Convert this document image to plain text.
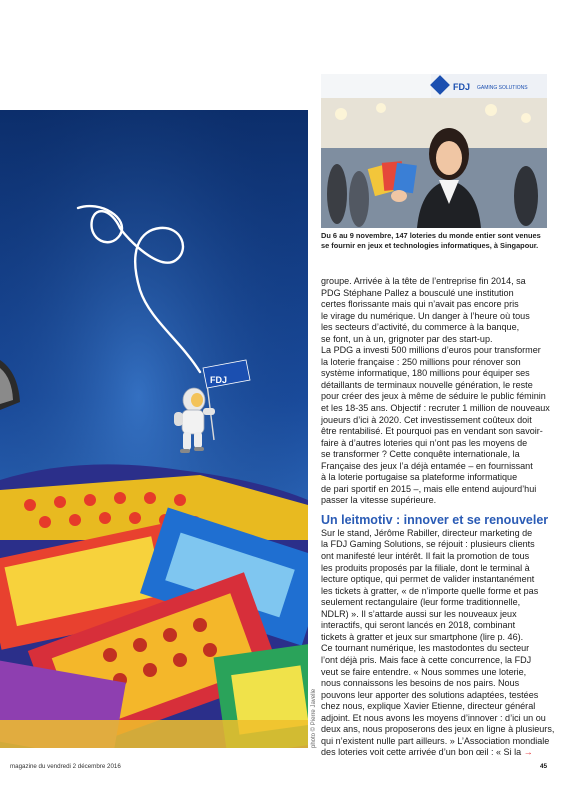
FDJ
photo © Pierre Javelle
FDJ GAMING SOLUTIONS
Du 6 au 9 novembre, 147 loteries du monde entier sont venues
se fournir en jeux et technologies informatiques, à Singapour.

groupe. Arrivée à la tête de l’entreprise fin 2014, sa

PDG Stéphane Pallez a bousculé une institution

certes florissante mais qui n’avait pas encore pris

le virage du numérique. Un danger à l’heure où tous

les secteurs d’activité, du commerce à la banque,

se font, un à un, grignoter par des start-up.

La PDG a investi 500 millions d’euros pour transformer

la loterie française : 250 millions pour rénover son

système informatique, 180 millions pour équiper ses

détaillants de terminaux nouvelle génération, le reste

pour créer des jeux à même de séduire le public féminin

et les 18-35 ans. Objectif : recruter 1 million de nouveaux

joueurs d’ici à 2020. Cet investissement coûteux doit

être rentabilisé. Et pourquoi pas en vendant son savoir-

faire à d’autres loteries qui n’ont pas les moyens de

se transformer ? Cette conquête internationale, la

Française des jeux l’a déjà entamée – en fournissant

à la loterie portugaise sa plateforme informatique

de pari sportif en 2015 –, mais elle entend aujourd’hui

passer la vitesse supérieure.

Un leitmotiv : innover et se renouveler

Sur le stand, Jérôme Rabiller, directeur marketing de

la FDJ Gaming Solutions, se réjouit : plusieurs clients

ont manifesté leur intérêt. Il fait la promotion de tous

les produits proposés par la filiale, dont le terminal à

lecture optique, qui permet de valider instantanément

les tickets à gratter, « de n’importe quelle forme et pas

seulement rectangulaire (leur forme traditionnelle,

NDLR) ». Il s’attarde aussi sur les nouveaux jeux

interactifs, qui seront lancés en 2018, combinant

tickets à gratter et jeux sur smartphone (lire p. 46).

Ce tournant numérique, les mastodontes du secteur

l’ont déjà pris. Mais face à cette concurrence, la FDJ

veut se faire entendre. « Nous sommes une loterie,

nous connaissons les besoins de nos pairs. Nous

pouvons leur apporter des solutions adaptées, testées

chez nous, explique Xavier Etienne, directeur général

adjoint. Et nous avons les moyens d’innover : d’ici un ou

deux ans, nous proposerons des jeux en ligne à plusieurs,

qui n’existent nulle part ailleurs. » L’Association mondiale

des loteries voit cette arrivée d’un bon œil : « Si la →

magazine du vendredi 2 décembre 2016	45
